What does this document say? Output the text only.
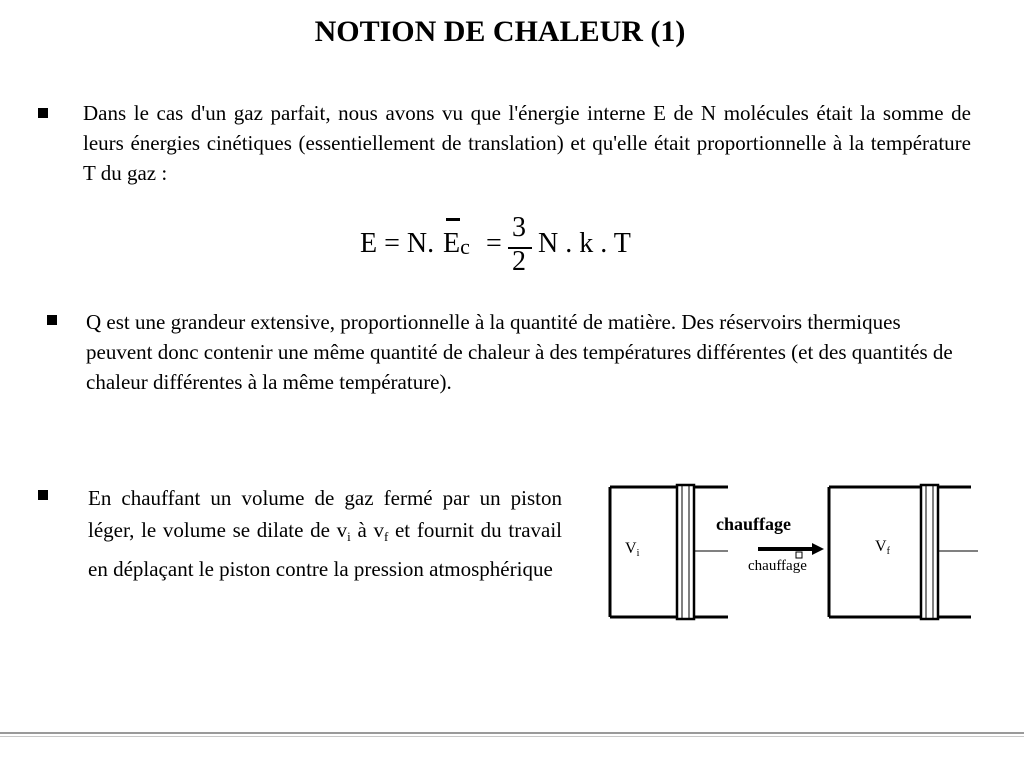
NOTION DE CHALEUR (1)
Dans le cas d'un gaz parfait, nous avons vu que l'énergie interne E de N molécules était la somme de leurs énergies cinétiques (essentiellement de translation) et qu'elle était proportionnelle à la température T du gaz :
E = N. Ec =
3
2
N . k . T
Q est une grandeur extensive, proportionnelle à la quantité de matière. Des réservoirs thermiques peuvent donc contenir une même quantité de chaleur à des températures différentes (et des quantités de chaleur différentes à la même température).
En chauffant un volume de gaz fermé par un piston léger, le volume se dilate de $v_i$ à $v_f$ et fournit du travail en déplaçant le piston contre la pression atmosphérique
Vi	Vf
chauffage
chauffage
